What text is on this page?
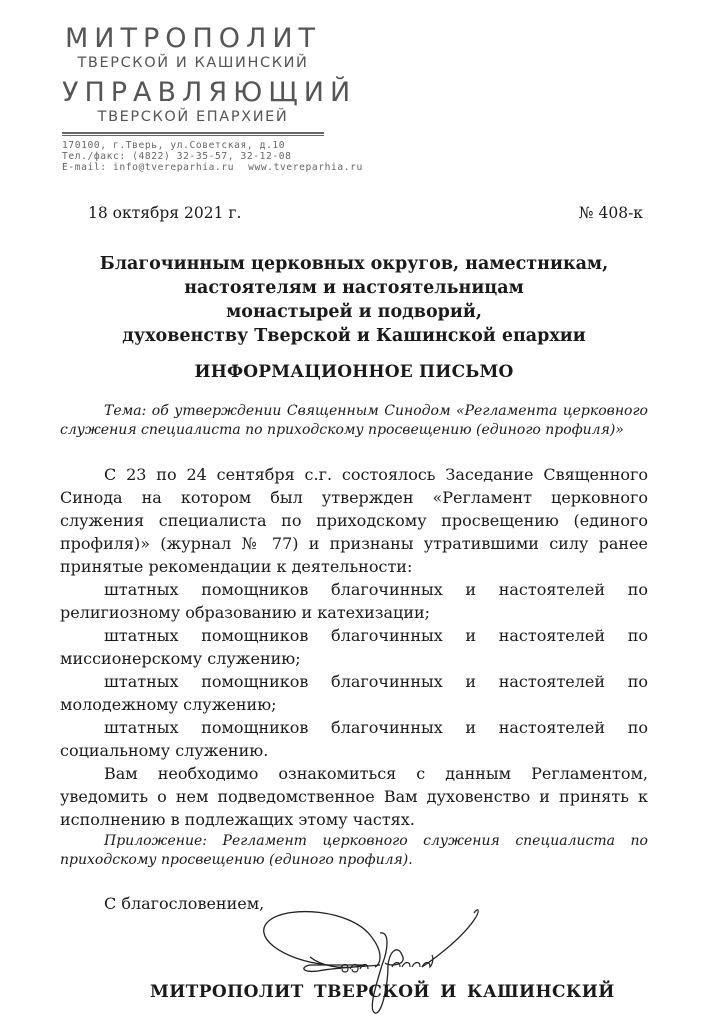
МИТРОПОЛИТ
ТВЕРСКОЙ И КАШИНСКИЙ
УПРАВЛЯЮЩИЙ
ТВЕРСКОЙ ЕПАРХИЕЙ
170100, г.Тверь, ул.Советская, д.10
Тел./факс: (4822) 32-35-57, 32-12-08
E-mail: info@tvereparhia.ru www.tvereparhia.ru
18 октября 2021 г.	№ 408-к
Благочинным церковных округов, наместникам,
настоятелям и настоятельницам
монастырей и подворий,
духовенству Тверской и Кашинской епархии
ИНФОРМАЦИОННОЕ ПИСЬМО
Тема: об утверждении Священным Синодом «Регламента церковного служения специалиста по приходскому просвещению (единого профиля)»

С 23 по 24 сентября с.г. состоялось Заседание Священного Синода на котором был утвержден «Регламент церковного служения специалиста по приходскому просвещению (единого профиля)» (журнал № 77) и признаны утратившими силу ранее принятые рекомендации к деятельности:

штатных помощников благочинных и настоятелей по религиозному образованию и катехизации;

штатных помощников благочинных и настоятелей по миссионерскому служению;

штатных помощников благочинных и настоятелей по молодежному служению;

штатных помощников благочинных и настоятелей по социальному служению.

Вам необходимо ознакомиться с данным Регламентом, уведомить о нем подведомственное Вам духовенство и принять к исполнению в подлежащих этому частях.

Приложение: Регламент церковного служения специалиста по приходскому просвещению (единого профиля).
С благословением,
МИТРОПОЛИТ ТВЕРСКОЙ И КАШИНСКИЙ
